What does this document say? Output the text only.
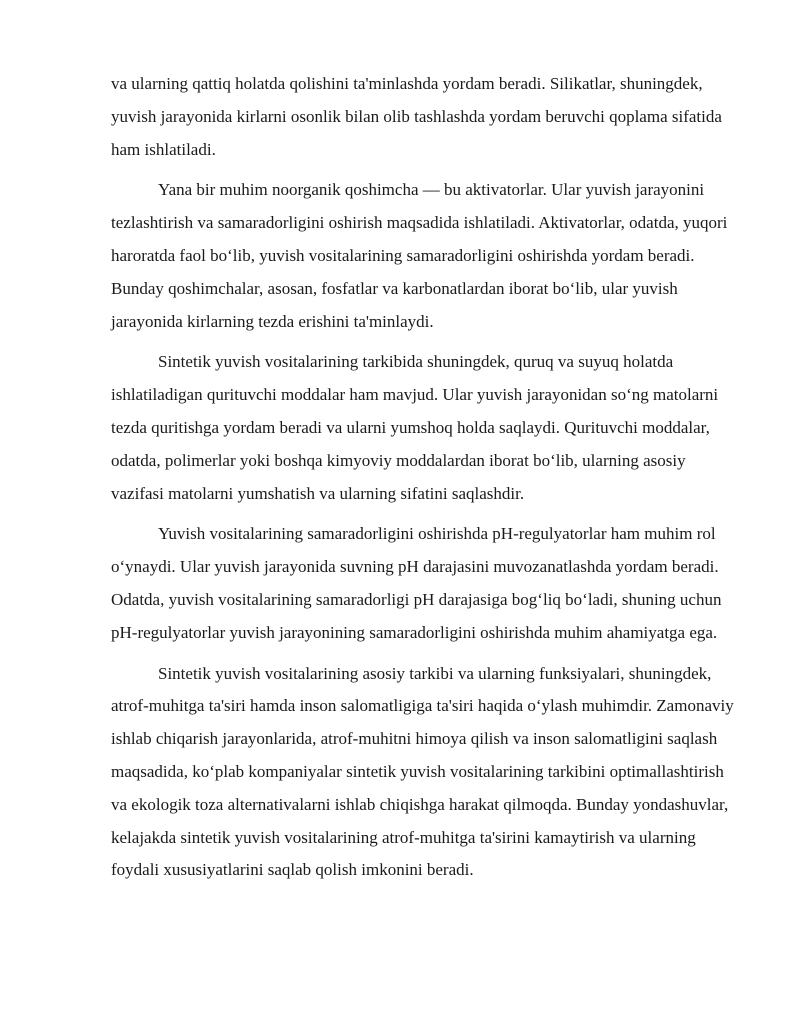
va ularning qattiq holatda qolishini ta'minlashda yordam beradi. Silikatlar, shuningdek, yuvish jarayonida kirlarni osonlik bilan olib tashlashda yordam beruvchi qoplama sifatida ham ishlatiladi.

Yana bir muhim noorganik qoshimcha — bu aktivatorlar. Ular yuvish jarayonini tezlashtirish va samaradorligini oshirish maqsadida ishlatiladi. Aktivatorlar, odatda, yuqori haroratda faol boʻlib, yuvish vositalarining samaradorligini oshirishda yordam beradi. Bunday qoshimchalar, asosan, fosfatlar va karbonatlardan iborat boʻlib, ular yuvish jarayonida kirlarning tezda erishini ta'minlaydi.

Sintetik yuvish vositalarining tarkibida shuningdek, quruq va suyuq holatda ishlatiladigan qurituvchi moddalar ham mavjud. Ular yuvish jarayonidan soʻng matolarni tezda quritishga yordam beradi va ularni yumshoq holda saqlaydi. Qurituvchi moddalar, odatda, polimerlar yoki boshqa kimyoviy moddalardan iborat boʻlib, ularning asosiy vazifasi matolarni yumshatish va ularning sifatini saqlashdir.

Yuvish vositalarining samaradorligini oshirishda pH-regulyatorlar ham muhim rol oʻynaydi. Ular yuvish jarayonida suvning pH darajasini muvozanatlashda yordam beradi. Odatda, yuvish vositalarining samaradorligi pH darajasiga bogʻliq boʻladi, shuning uchun pH-regulyatorlar yuvish jarayonining samaradorligini oshirishda muhim ahamiyatga ega.

Sintetik yuvish vositalarining asosiy tarkibi va ularning funksiyalari, shuningdek, atrof-muhitga ta'siri hamda inson salomatligiga ta'siri haqida oʻylash muhimdir. Zamonaviy ishlab chiqarish jarayonlarida, atrof-muhitni himoya qilish va inson salomatligini saqlash maqsadida, koʻplab kompaniyalar sintetik yuvish vositalarining tarkibini optimallashtirish va ekologik toza alternativalarni ishlab chiqishga harakat qilmoqda. Bunday yondashuvlar, kelajakda sintetik yuvish vositalarining atrof-muhitga ta'sirini kamaytirish va ularning foydali xususiyatlarini saqlab qolish imkonini beradi.
